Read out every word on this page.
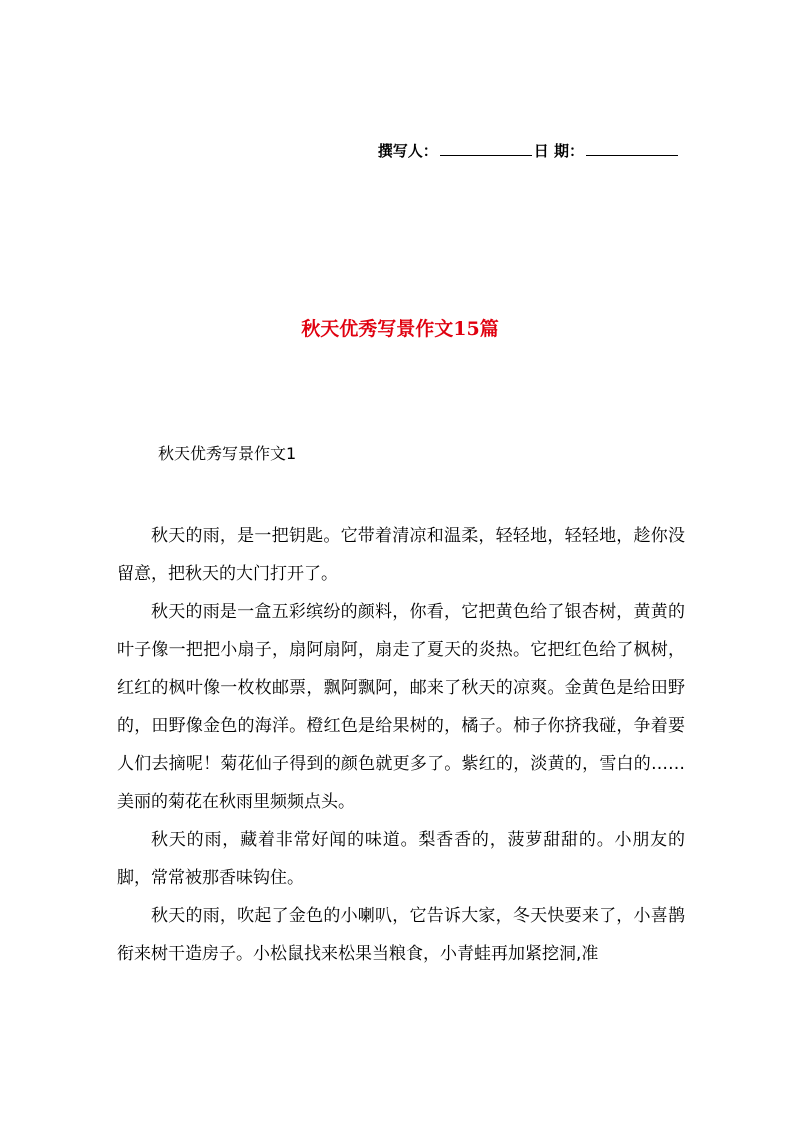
撰写人：	日 期：
秋天优秀写景作文15篇
秋天优秀写景作文1

秋天的雨，是一把钥匙。它带着清凉和温柔，轻轻地，轻轻地，趁你没留意，把秋天的大门打开了。

秋天的雨是一盒五彩缤纷的颜料，你看，它把黄色给了银杏树，黄黄的叶子像一把把小扇子，扇阿扇阿，扇走了夏天的炎热。它把红色给了枫树，红红的枫叶像一枚枚邮票，飘阿飘阿，邮来了秋天的凉爽。金黄色是给田野的，田野像金色的海洋。橙红色是给果树的，橘子。柿子你挤我碰，争着要人们去摘呢！菊花仙子得到的颜色就更多了。紫红的，淡黄的，雪白的……美丽的菊花在秋雨里频频点头。

秋天的雨，藏着非常好闻的味道。梨香香的，菠萝甜甜的。小朋友的脚，常常被那香味钩住。

秋天的雨，吹起了金色的小喇叭，它告诉大家，冬天快要来了，小喜鹊衔来树干造房子。小松鼠找来松果当粮食，小青蛙再加紧挖洞,准
